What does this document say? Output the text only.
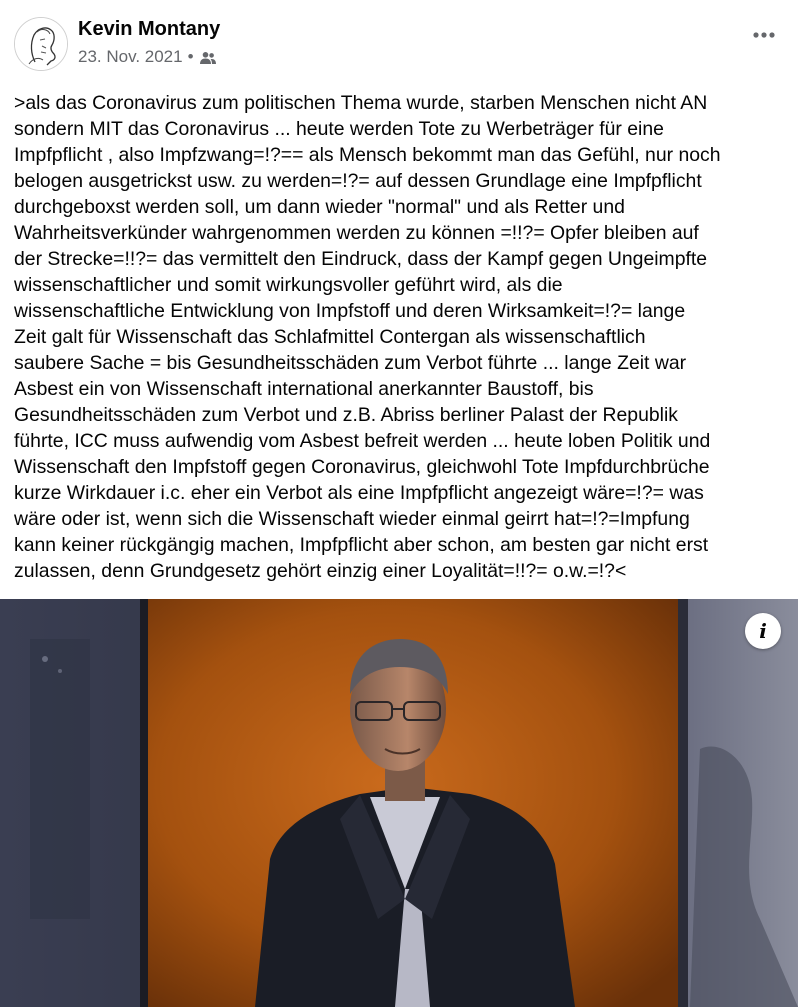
Kevin Montany
23. Nov. 2021 •
>als das Coronavirus zum politischen Thema wurde, starben Menschen nicht AN
sondern MIT das Coronavirus ... heute werden Tote zu Werbeträger für eine
Impfpflicht , also Impfzwang=!?== als Mensch bekommt man das Gefühl, nur noch
belogen ausgetrickst usw. zu werden=!?= auf dessen Grundlage eine Impfpflicht
durchgeboxst werden soll, um dann wieder "normal" und als Retter und
Wahrheitsverkünder wahrgenommen werden zu können =!!?= Opfer bleiben auf
der Strecke=!!?= das vermittelt den Eindruck, dass der Kampf gegen Ungeimpfte
wissenschaftlicher und somit wirkungsvoller geführt wird, als die
wissenschaftliche Entwicklung von Impfstoff und deren Wirksamkeit=!?= lange
Zeit galt für Wissenschaft das Schlafmittel Contergan als wissenschaftlich
saubere Sache = bis Gesundheitsschäden zum Verbot führte ... lange Zeit war
Asbest ein von Wissenschaft international anerkannter Baustoff, bis
Gesundheitsschäden zum Verbot und z.B. Abriss berliner Palast der Republik
führte, ICC muss aufwendig vom Asbest befreit werden ... heute loben Politik und
Wissenschaft den Impfstoff gegen Coronavirus, gleichwohl Tote Impfdurchbrüche
kurze Wirkdauer i.c. eher ein Verbot als eine Impfpflicht angezeigt wäre=!?= was
wäre oder ist, wenn sich die Wissenschaft wieder einmal geirrt hat=!?=Impfung
kann keiner rückgängig machen, Impfpflicht aber schon, am besten gar nicht erst
zulassen, denn Grundgesetz gehört einzig einer Loyalität=!!?= o.w.=!?<
i
